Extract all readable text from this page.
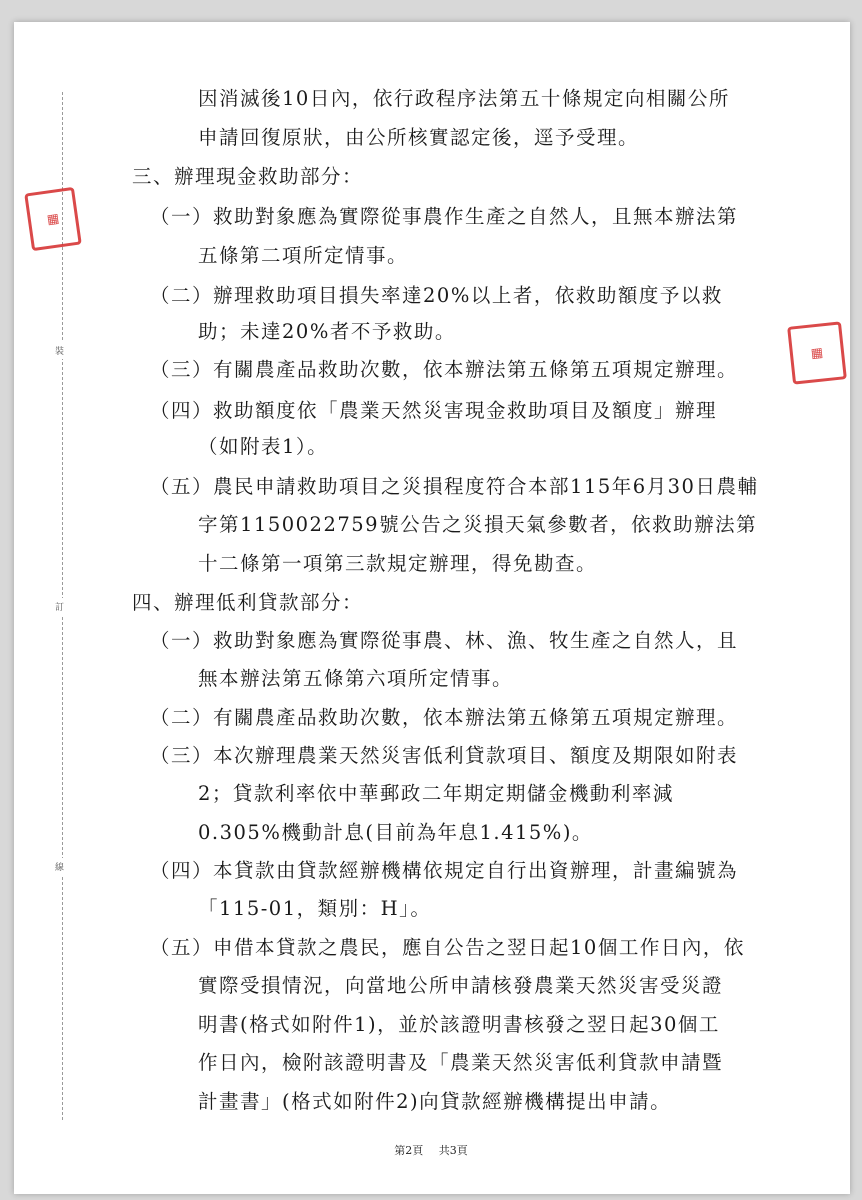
裝
訂
線
▦
▦
因消滅後10日內，依行政程序法第五十條規定向相關公所
申請回復原狀，由公所核實認定後，逕予受理。
三、辦理現金救助部分：
（一）救助對象應為實際從事農作生產之自然人，且無本辦法第
五條第二項所定情事。
（二）辦理救助項目損失率達20%以上者，依救助額度予以救
助；未達20%者不予救助。
（三）有關農產品救助次數，依本辦法第五條第五項規定辦理。
（四）救助額度依「農業天然災害現金救助項目及額度」辦理
（如附表1）。
（五）農民申請救助項目之災損程度符合本部115年6月30日農輔
字第1150022759號公告之災損天氣參數者，依救助辦法第
十二條第一項第三款規定辦理，得免勘查。
四、辦理低利貸款部分：
（一）救助對象應為實際從事農、林、漁、牧生產之自然人，且
無本辦法第五條第六項所定情事。
（二）有關農產品救助次數，依本辦法第五條第五項規定辦理。
（三）本次辦理農業天然災害低利貸款項目、額度及期限如附表
2；貸款利率依中華郵政二年期定期儲金機動利率減
0.305%機動計息(目前為年息1.415%)。
（四）本貸款由貸款經辦機構依規定自行出資辦理，計畫編號為
「115-01，類別：H」。
（五）申借本貸款之農民，應自公告之翌日起10個工作日內，依
實際受損情況，向當地公所申請核發農業天然災害受災證
明書(格式如附件1)，並於該證明書核發之翌日起30個工
作日內，檢附該證明書及「農業天然災害低利貸款申請暨
計畫書」(格式如附件2)向貸款經辦機構提出申請。
第2頁 共3頁
